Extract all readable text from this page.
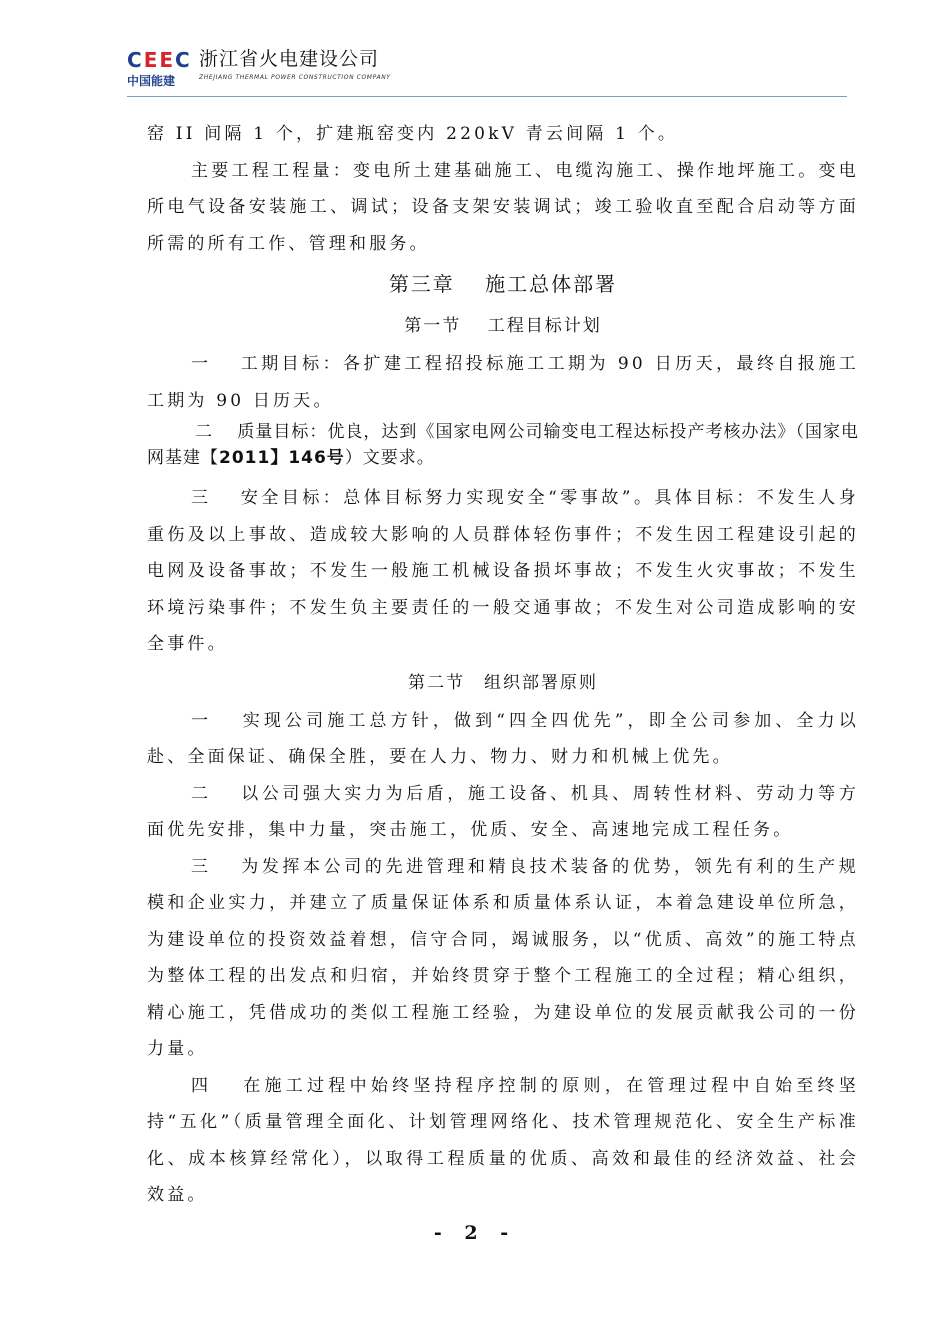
C E E C
中国能建
浙江省火电建设公司
ZHEJIANG THERMAL POWER CONSTRUCTION COMPANY

窑 II 间隔 1 个，扩建瓶窑变内 220kV 青云间隔 1 个。

主要工程工程量：变电所土建基础施工、电缆沟施工、操作地坪施工。变电所电气设备安装施工、调试；设备支架安装调试；竣工验收直至配合启动等方面所需的所有工作、管理和服务。

第三章　 施工总体部署
第一节　 工程目标计划

一　 工期目标：各扩建工程招投标施工工期为 90 日历天，最终自报施工工期为 90 日历天。

二　 质量目标：优良，达到《国家电网公司输变电工程达标投产考核办法》（国家电网基建【2011】146号）文要求。

三　 安全目标：总体目标努力实现安全“零事故”。具体目标：不发生人身重伤及以上事故、造成较大影响的人员群体轻伤事件；不发生因工程建设引起的电网及设备事故；不发生一般施工机械设备损坏事故；不发生火灾事故；不发生环境污染事件；不发生负主要责任的一般交通事故；不发生对公司造成影响的安全事件。

第二节　组织部署原则

一　 实现公司施工总方针，做到“四全四优先”，即全公司参加、全力以赴、全面保证、确保全胜，要在人力、物力、财力和机械上优先。

二　 以公司强大实力为后盾，施工设备、机具、周转性材料、劳动力等方面优先安排，集中力量，突击施工，优质、安全、高速地完成工程任务。

三　 为发挥本公司的先进管理和精良技术装备的优势，领先有利的生产规模和企业实力，并建立了质量保证体系和质量体系认证，本着急建设单位所急，为建设单位的投资效益着想，信守合同，竭诚服务，以“优质、高效”的施工特点为整体工程的出发点和归宿，并始终贯穿于整个工程施工的全过程；精心组织，精心施工，凭借成功的类似工程施工经验，为建设单位的发展贡献我公司的一份力量。

四　 在施工过程中始终坚持程序控制的原则，在管理过程中自始至终坚持“五化”（质量管理全面化、计划管理网络化、技术管理规范化、安全生产标准化、成本核算经常化），以取得工程质量的优质、高效和最佳的经济效益、社会效益。

- 2 -
